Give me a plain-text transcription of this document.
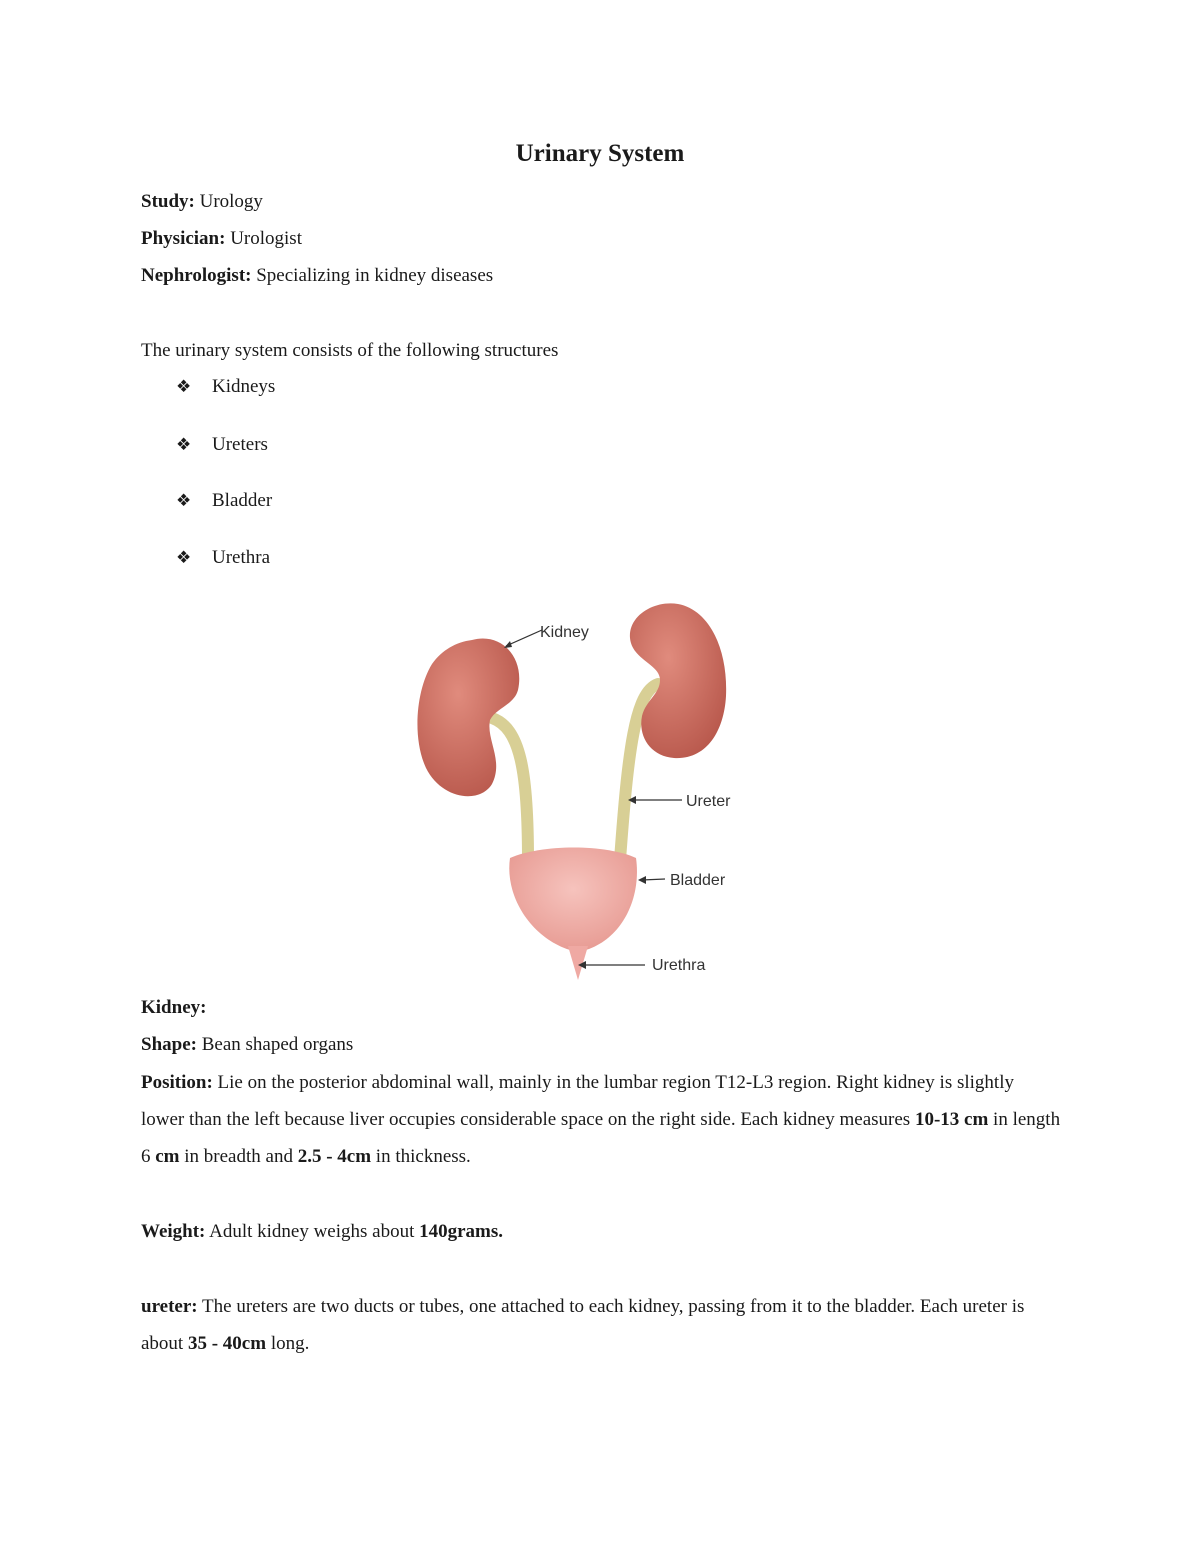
Urinary System
Study: Urology
Physician: Urologist
Nephrologist: Specializing in kidney diseases
The urinary system consists of the following structures
❖ Kidneys
❖ Ureters
❖ Bladder
❖ Urethra
Kidney
Ureter
Bladder
Urethra
Kidney:
Shape: Bean shaped organs
Position: Lie on the posterior abdominal wall, mainly in the lumbar region T12-L3 region. Right kidney is slightly lower than the left because liver occupies considerable space on the right side. Each kidney measures 10-13 cm in length 6 cm in breadth and 2.5 - 4cm in thickness.
Weight: Adult kidney weighs about 140grams.
ureter: The ureters are two ducts or tubes, one attached to each kidney, passing from it to the bladder. Each ureter is about 35 - 40cm long.
